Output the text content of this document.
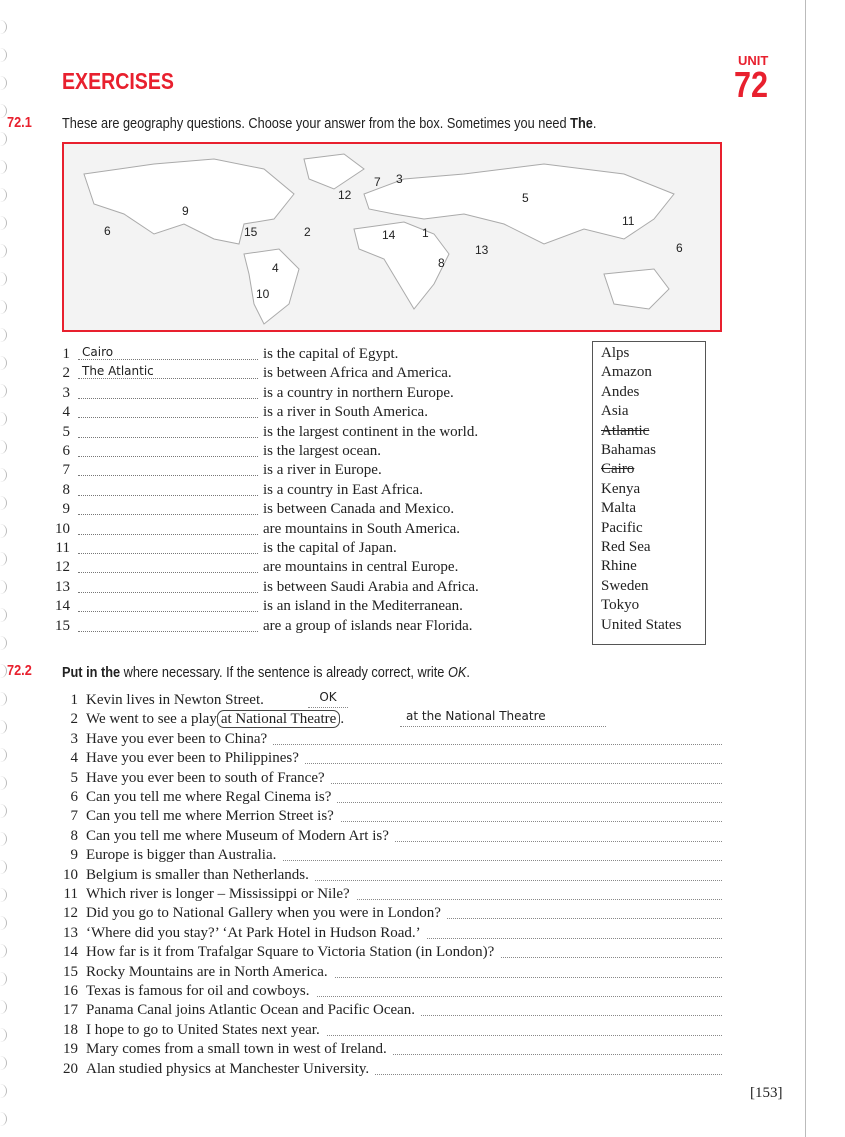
EXERCISES
UNIT
72
72.1 These are geography questions. Choose your answer from the box. Sometimes you need The.
9
6	15	2
12
7 3
5
11
6
14 1
13
8
4
10
1	Cairo	is the capital of Egypt.
2	The Atlantic	is between Africa and America.
3	is a country in northern Europe.
4	is a river in South America.
5	is the largest continent in the world.
6	is the largest ocean.
7	is a river in Europe.
8	is a country in East Africa.
9	is between Canada and Mexico.
10	are mountains in South America.
11	is the capital of Japan.
12	are mountains in central Europe.
13	is between Saudi Arabia and Africa.
14	is an island in the Mediterranean.
15	are a group of islands near Florida.
Alps
Amazon
Andes
Asia
Atlantic
Bahamas
Cairo
Kenya
Malta
Pacific
Red Sea
Rhine
Sweden
Tokyo
United States
72.2 Put in the where necessary. If the sentence is already correct, write OK.
1 Kevin lives in Newton Street.	OK
2 We went to see a play at National Theatre .	at the National Theatre
3 Have you ever been to China?
4 Have you ever been to Philippines?
5 Have you ever been to south of France?
6 Can you tell me where Regal Cinema is?
7 Can you tell me where Merrion Street is?
8 Can you tell me where Museum of Modern Art is?
9 Europe is bigger than Australia.
10 Belgium is smaller than Netherlands.
11 Which river is longer – Mississippi or Nile?
12 Did you go to National Gallery when you were in London?
13 ‘Where did you stay?’ ‘At Park Hotel in Hudson Road.’
14 How far is it from Trafalgar Square to Victoria Station (in London)?
15 Rocky Mountains are in North America.
16 Texas is famous for oil and cowboys.
17 Panama Canal joins Atlantic Ocean and Pacific Ocean.
18 I hope to go to United States next year.
19 Mary comes from a small town in west of Ireland.
20 Alan studied physics at Manchester University.
[153]
